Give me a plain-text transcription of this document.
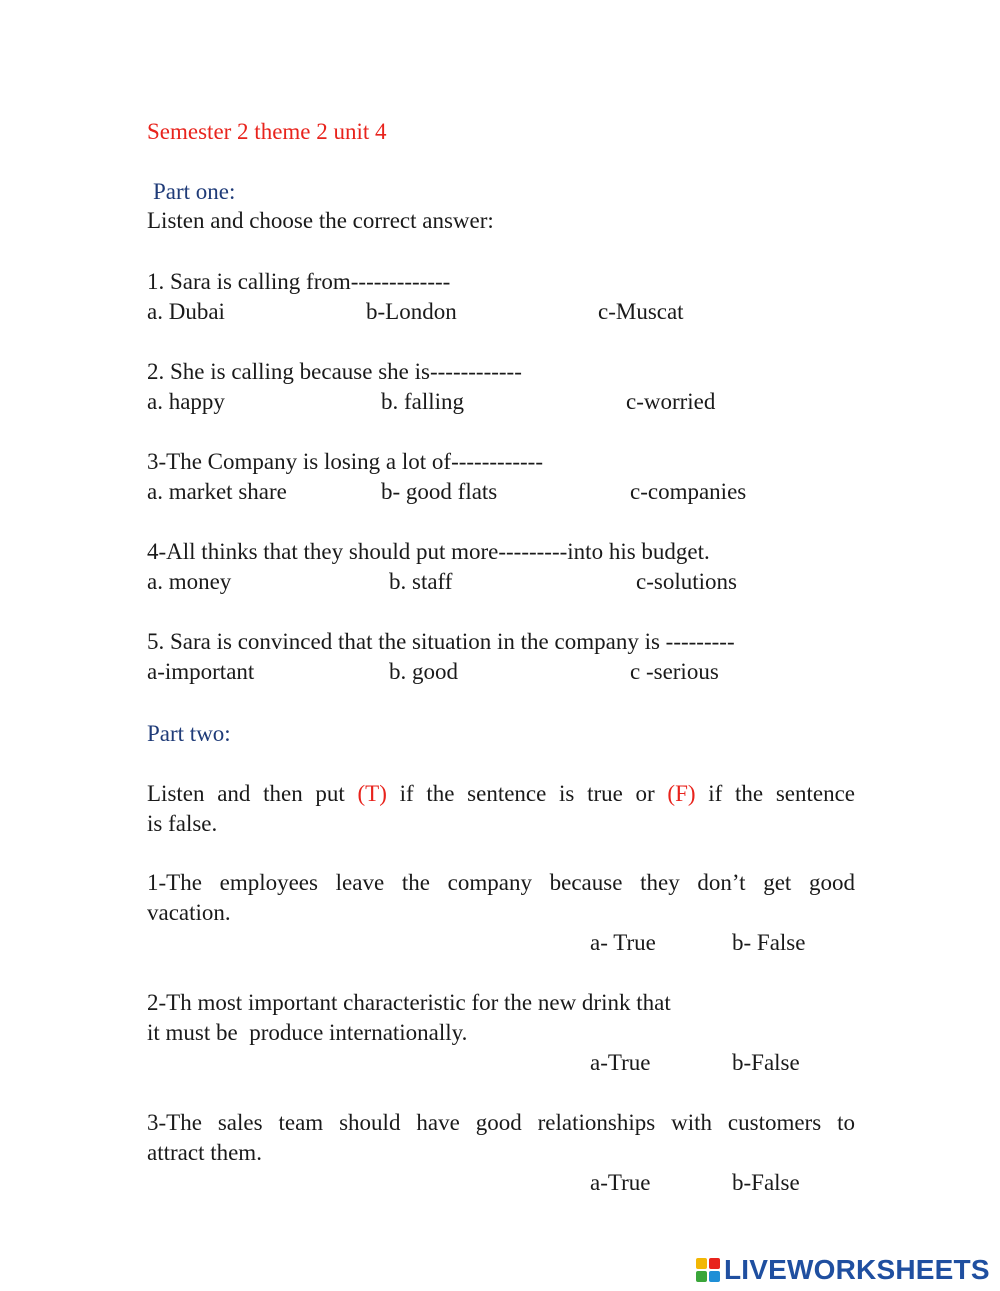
Semester 2 theme 2 unit 4
Part one:
Listen and choose the correct answer:
1. Sara is calling from-------------
a. Dubai	b-London	c-Muscat
2. She is calling because she is------------
a. happy	b. falling	c-worried
3-The Company is losing a lot of------------
a. market share	b- good flats	c-companies
4-All thinks that they should put more---------into his budget.
a. money	b. staff	c-solutions
5. Sara is convinced that the situation in the company is ---------
a-important	b. good	c -serious
Part two:
Listen and then put (T) if the sentence is true or (F) if the sentence
is false.
1-The employees leave the company because they don’t get good
vacation.
a- True	b- False
2-Th most important characteristic for the new drink that
it must be  produce internationally.
a-True	b-False
3-The sales team should have good relationships with customers to
attract them.
a-True	b-False
LIVEWORKSHEETS
